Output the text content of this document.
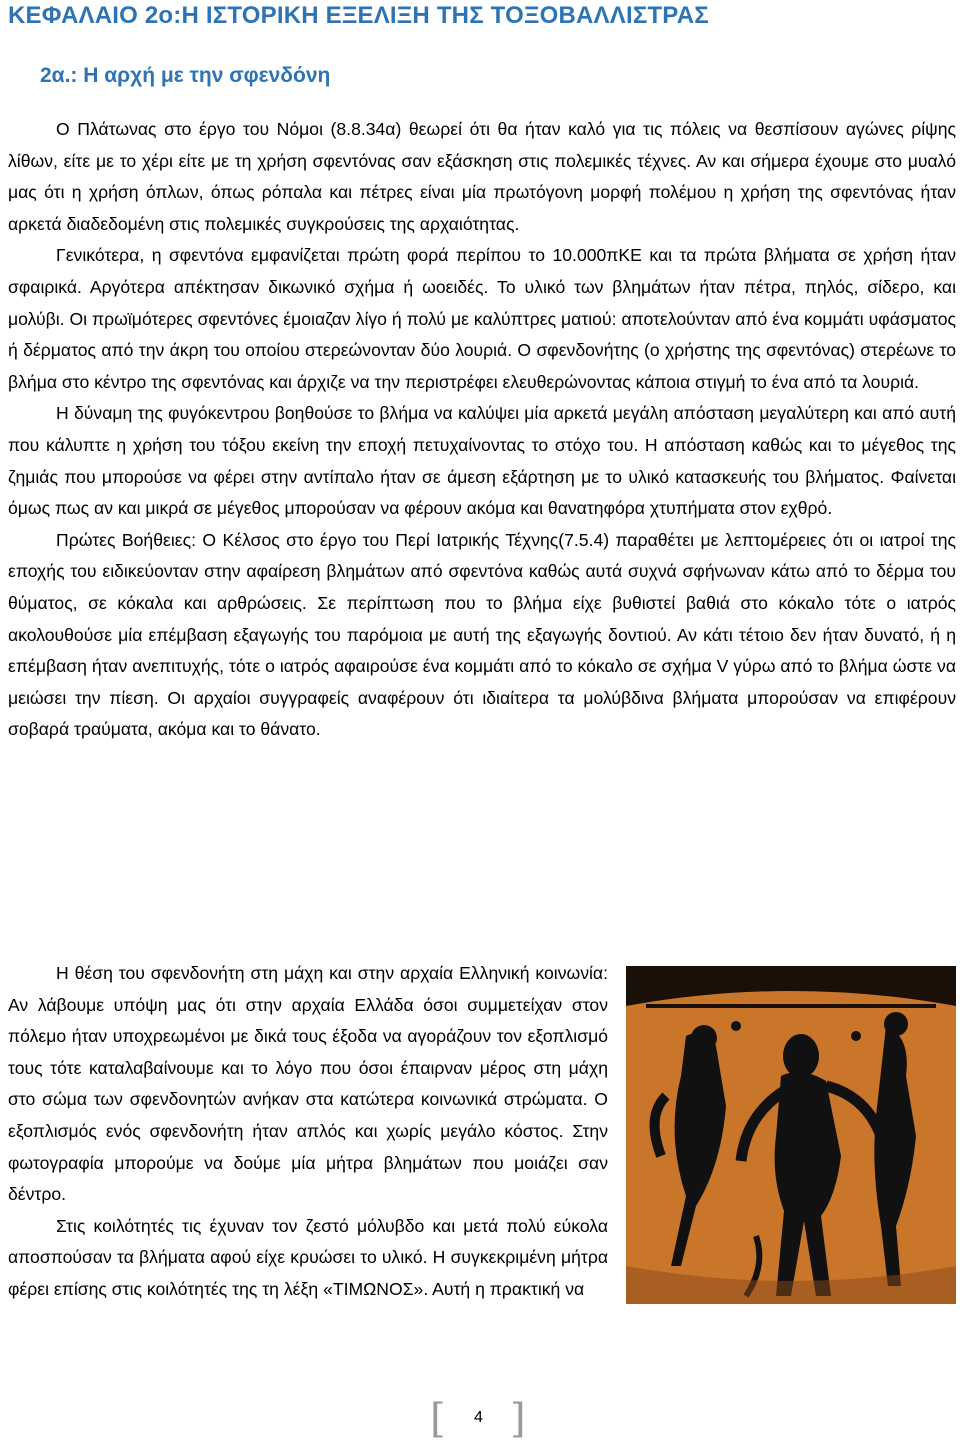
ΚΕΦΑΛΑΙΟ 2ο:Η ΙΣΤΟΡΙΚΗ ΕΞΕΛΙΞΗ ΤΗΣ ΤΟΞΟΒΑΛΛΙΣΤΡΑΣ
2α.: Η αρχή με την σφενδόνη

Ο Πλάτωνας στο έργο του Νόμοι (8.8.34α) θεωρεί ότι θα ήταν καλό για τις πόλεις να θεσπίσουν αγώνες ρίψης λίθων, είτε με το χέρι είτε με τη χρήση σφεντόνας σαν εξάσκηση στις πολεμικές τέχνες. Αν και σήμερα έχουμε στο μυαλό μας ότι η χρήση όπλων, όπως ρόπαλα και πέτρες είναι μία πρωτόγονη μορφή πολέμου η χρήση της σφεντόνας ήταν αρκετά διαδεδομένη στις πολεμικές συγκρούσεις της αρχαιότητας.

Γενικότερα, η σφεντόνα εμφανίζεται πρώτη φορά περίπου το 10.000πΚΕ και τα πρώτα βλήματα σε χρήση ήταν σφαιρικά. Αργότερα απέκτησαν δικωνικό σχήμα ή ωοειδές. Το υλικό των βλημάτων ήταν πέτρα, πηλός, σίδερο, και μολύβι. Οι πρωϊμότερες σφεντόνες έμοιαζαν λίγο ή πολύ με καλύπτρες ματιού: αποτελούνταν από ένα κομμάτι υφάσματος ή δέρματος από την άκρη του οποίου στερεώνονταν δύο λουριά. Ο σφενδονήτης (ο χρήστης της σφεντόνας) στερέωνε το βλήμα στο κέντρο της σφεντόνας και άρχιζε να την περιστρέφει ελευθερώνοντας κάποια στιγμή το ένα από τα λουριά.

Η δύναμη της φυγόκεντρου βοηθούσε το βλήμα να καλύψει μία αρκετά μεγάλη απόσταση μεγαλύτερη και από αυτή που κάλυπτε η χρήση του τόξου εκείνη την εποχή πετυχαίνοντας το στόχο του. Η απόσταση καθώς και το μέγεθος της ζημιάς που μπορούσε να φέρει στην αντίπαλο ήταν σε άμεση εξάρτηση με το υλικό κατασκευής του βλήματος. Φαίνεται όμως πως αν και μικρά σε μέγεθος μπορούσαν να φέρουν ακόμα και θανατηφόρα χτυπήματα στον εχθρό.

Πρώτες Βοήθειες: Ο Κέλσος στο έργο του Περί Ιατρικής Τέχνης(7.5.4) παραθέτει με λεπτομέρειες ότι οι ιατροί της εποχής του ειδικεύονταν στην αφαίρεση βλημάτων από σφεντόνα καθώς αυτά συχνά σφήνωναν κάτω από το δέρμα του θύματος, σε κόκαλα και αρθρώσεις. Σε περίπτωση που το βλήμα είχε βυθιστεί βαθιά στο κόκαλο τότε ο ιατρός ακολουθούσε μία επέμβαση εξαγωγής του παρόμοια με αυτή της εξαγωγής δοντιού. Αν κάτι τέτοιο δεν ήταν δυνατό, ή η επέμβαση ήταν ανεπιτυχής, τότε ο ιατρός αφαιρούσε ένα κομμάτι από το κόκαλο σε σχήμα V γύρω από το βλήμα ώστε να μειώσει την πίεση. Οι αρχαίοι συγγραφείς αναφέρουν ότι ιδιαίτερα τα μολύβδινα βλήματα μπορούσαν να επιφέρουν σοβαρά τραύματα, ακόμα και το θάνατο.

Η θέση του σφενδονήτη στη μάχη και στην αρχαία Ελληνική κοινωνία: Αν λάβουμε υπόψη μας ότι στην αρχαία Ελλάδα όσοι συμμετείχαν στον πόλεμο ήταν υποχρεωμένοι με δικά τους έξοδα να αγοράζουν τον εξοπλισμό τους τότε καταλαβαίνουμε και το λόγο που όσοι έπαιρναν μέρος στη μάχη στο σώμα των σφενδονητών ανήκαν στα κατώτερα κοινωνικά στρώματα. Ο εξοπλισμός ενός σφενδονήτη ήταν απλός και χωρίς μεγάλο κόστος. Στην φωτογραφία μπορούμε να δούμε μία μήτρα βλημάτων που μοιάζει σαν δέντρο.

Στις κοιλότητές τις έχυναν τον ζεστό μόλυβδο και μετά πολύ εύκολα αποσπούσαν τα βλήματα αφού είχε κρυώσει το υλικό. Η συγκεκριμένη μήτρα φέρει επίσης στις κοιλότητές της τη λέξη «ΤΙΜΩΝΟΣ». Αυτή η πρακτική να

[ 4 ]
